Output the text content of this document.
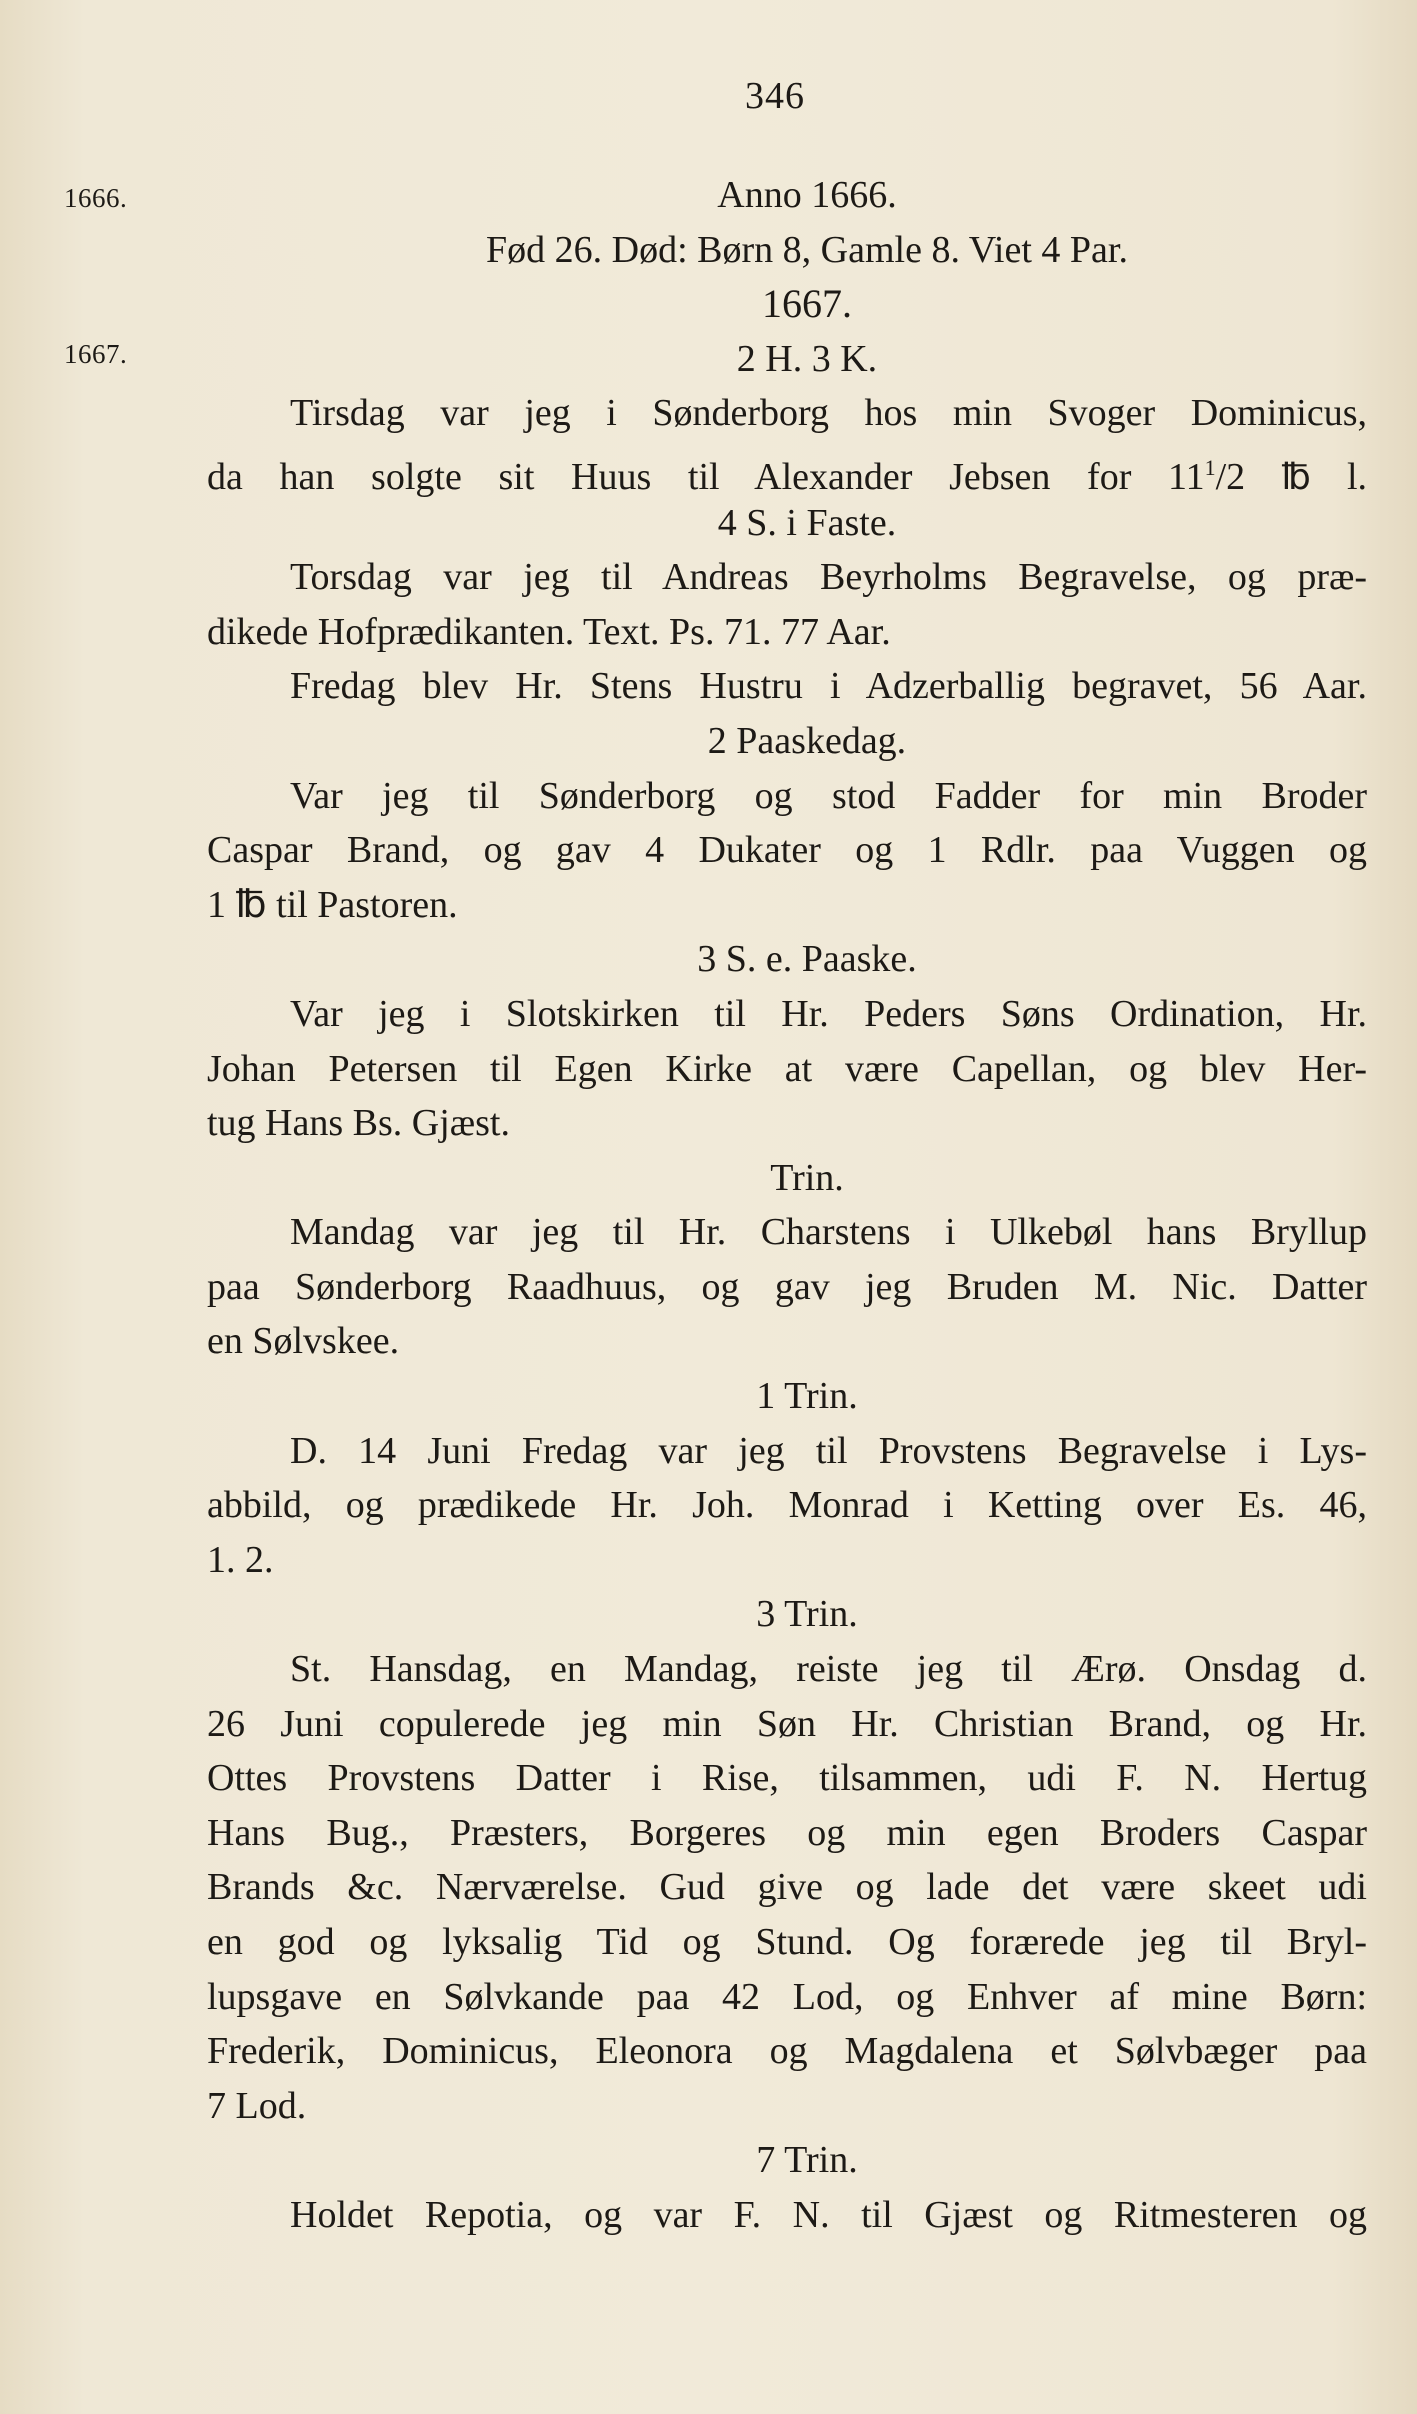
346
1666.
1667.
Anno 1666.
Fød 26. Død: Børn 8, Gamle 8. Viet 4 Par.
1667.
2 H. 3 K.
Tirsdag var jeg i Sønderborg hos min Svoger Dominicus,
da han solgte sit Huus til Alexander Jebsen for $11^1/2$ ℔ l.
4 S. i Faste.
Torsdag var jeg til Andreas Beyrholms Begravelse, og præ-
dikede Hofprædikanten. Text. Ps. 71. 77 Aar.
Fredag blev Hr. Stens Hustru i Adzerballig begravet, 56 Aar.
2 Paaskedag.
Var jeg til Sønderborg og stod Fadder for min Broder
Caspar Brand, og gav 4 Dukater og 1 Rdlr. paa Vuggen og
1 ℔ til Pastoren.
3 S. e. Paaske.
Var jeg i Slotskirken til Hr. Peders Søns Ordination, Hr.
Johan Petersen til Egen Kirke at være Capellan, og blev Her-
tug Hans Bs. Gjæst.
Trin.
Mandag var jeg til Hr. Charstens i Ulkebøl hans Bryllup
paa Sønderborg Raadhuus, og gav jeg Bruden M. Nic. Datter
en Sølvskee.
1 Trin.
D. 14 Juni Fredag var jeg til Provstens Begravelse i Lys-
abbild, og prædikede Hr. Joh. Monrad i Ketting over Es. 46,
1. 2.
3 Trin.
St. Hansdag, en Mandag, reiste jeg til Ærø. Onsdag d.
26 Juni copulerede jeg min Søn Hr. Christian Brand, og Hr.
Ottes Provstens Datter i Rise, tilsammen, udi F. N. Hertug
Hans Bug., Præsters, Borgeres og min egen Broders Caspar
Brands &c. Nærværelse. Gud give og lade det være skeet udi
en god og lyksalig Tid og Stund. Og forærede jeg til Bryl-
lupsgave en Sølvkande paa 42 Lod, og Enhver af mine Børn:
Frederik, Dominicus, Eleonora og Magdalena et Sølvbæger paa
7 Lod.
7 Trin.
Holdet Repotia, og var F. N. til Gjæst og Ritmesteren og
